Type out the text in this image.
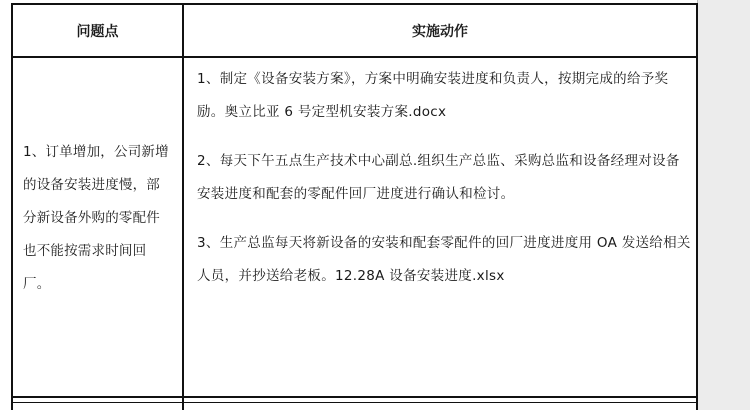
问题点	实施动作
1、订单增加，公司新增的设备安装进度慢，部分新设备外购的零配件也不能按需求时间回厂。

1、制定《设备安装方案》，方案中明确安装进度和负责人，按期完成的给予奖励。奥立比亚 6 号定型机安装方案.docx

2、每天下午五点生产技术中心副总.组织生产总监、采购总监和设备经理对设备安装进度和配套的零配件回厂进度进行确认和检讨。

3、生产总监每天将新设备的安装和配套零配件的回厂进度进度用 OA 发送给相关人员，并抄送给老板。12.28A 设备安装进度.xlsx
